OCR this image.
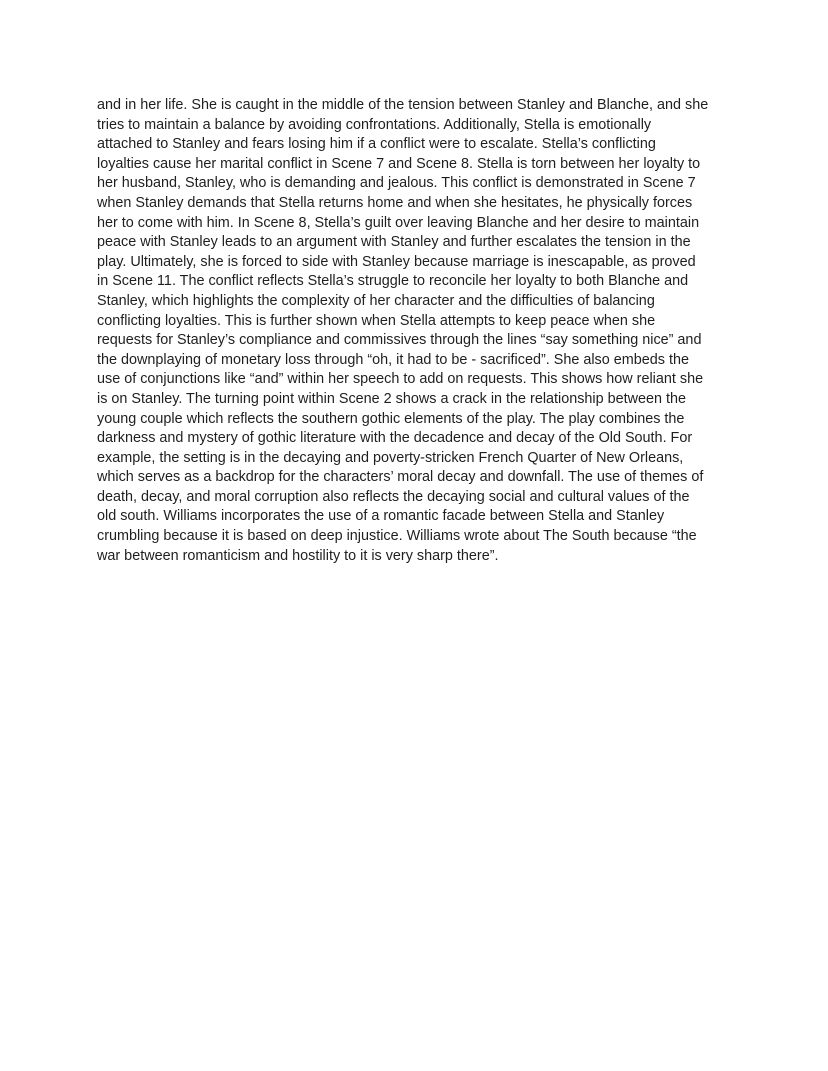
and in her life. She is caught in the middle of the tension between Stanley and Blanche, and she
tries to maintain a balance by avoiding confrontations. Additionally, Stella is emotionally
attached to Stanley and fears losing him if a conflict were to escalate. Stella’s conflicting
loyalties cause her marital conflict in Scene 7 and Scene 8. Stella is torn between her loyalty to
her husband, Stanley, who is demanding and jealous. This conflict is demonstrated in Scene 7
when Stanley demands that Stella returns home and when she hesitates, he physically forces
her to come with him. In Scene 8, Stella’s guilt over leaving Blanche and her desire to maintain
peace with Stanley leads to an argument with Stanley and further escalates the tension in the
play. Ultimately, she is forced to side with Stanley because marriage is inescapable, as proved
in Scene 11. The conflict reflects Stella’s struggle to reconcile her loyalty to both Blanche and
Stanley, which highlights the complexity of her character and the difficulties of balancing
conflicting loyalties. This is further shown when Stella attempts to keep peace when she
requests for Stanley’s compliance and commissives through the lines “say something nice” and
the downplaying of monetary loss through “oh, it had to be - sacrificed”. She also embeds the
use of conjunctions like “and” within her speech to add on requests. This shows how reliant she
is on Stanley. The turning point within Scene 2 shows a crack in the relationship between the
young couple which reflects the southern gothic elements of the play. The play combines the
darkness and mystery of gothic literature with the decadence and decay of the Old South. For
example, the setting is in the decaying and poverty-stricken French Quarter of New Orleans,
which serves as a backdrop for the characters’ moral decay and downfall. The use of themes of
death, decay, and moral corruption also reflects the decaying social and cultural values of the
old south. Williams incorporates the use of a romantic facade between Stella and Stanley
crumbling because it is based on deep injustice. Williams wrote about The South because “the
war between romanticism and hostility to it is very sharp there”.
